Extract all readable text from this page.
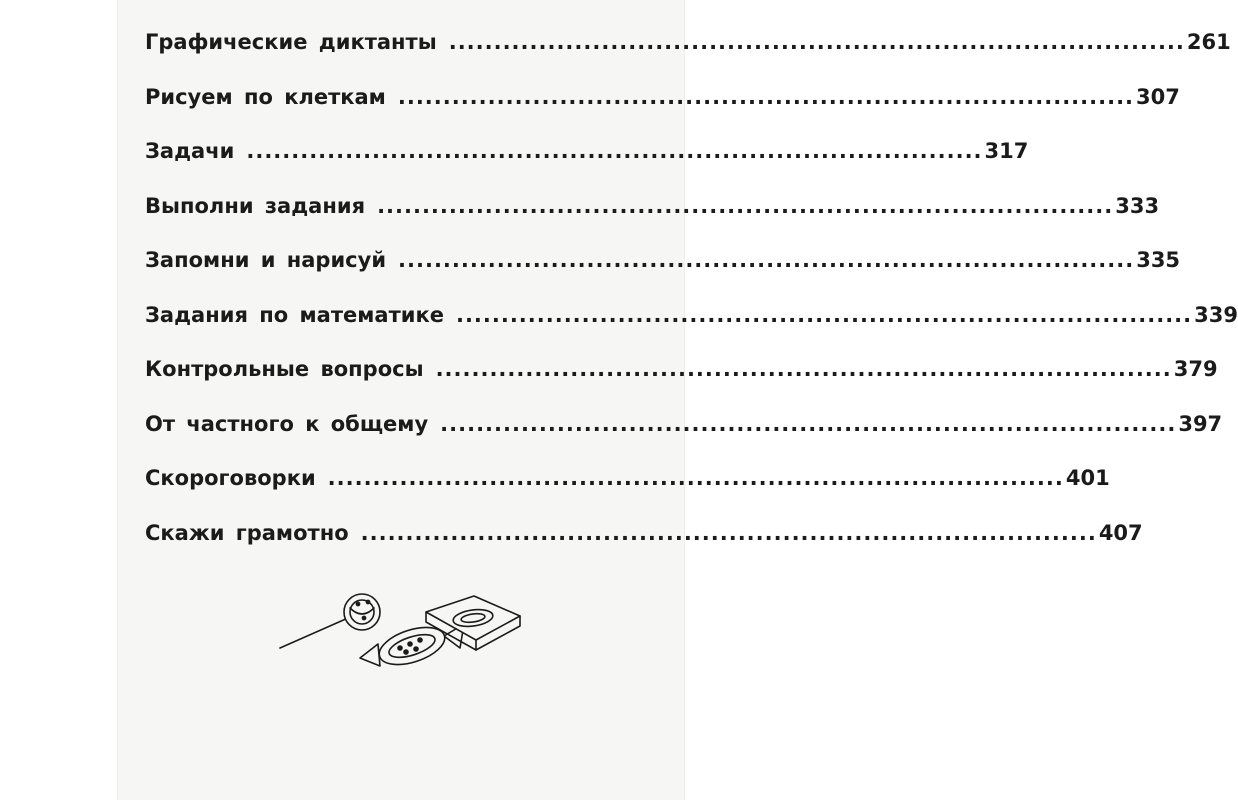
Графические диктанты .................................................................................. 261
Рисуем по клеткам .................................................................................. 307
Задачи .................................................................................. 317
Выполни задания .................................................................................. 333
Запомни и нарисуй .................................................................................. 335
Задания по математике .................................................................................. 339
Контрольные вопросы .................................................................................. 379
От частного к общему .................................................................................. 397
Скороговорки .................................................................................. 401
Скажи грамотно .................................................................................. 407
